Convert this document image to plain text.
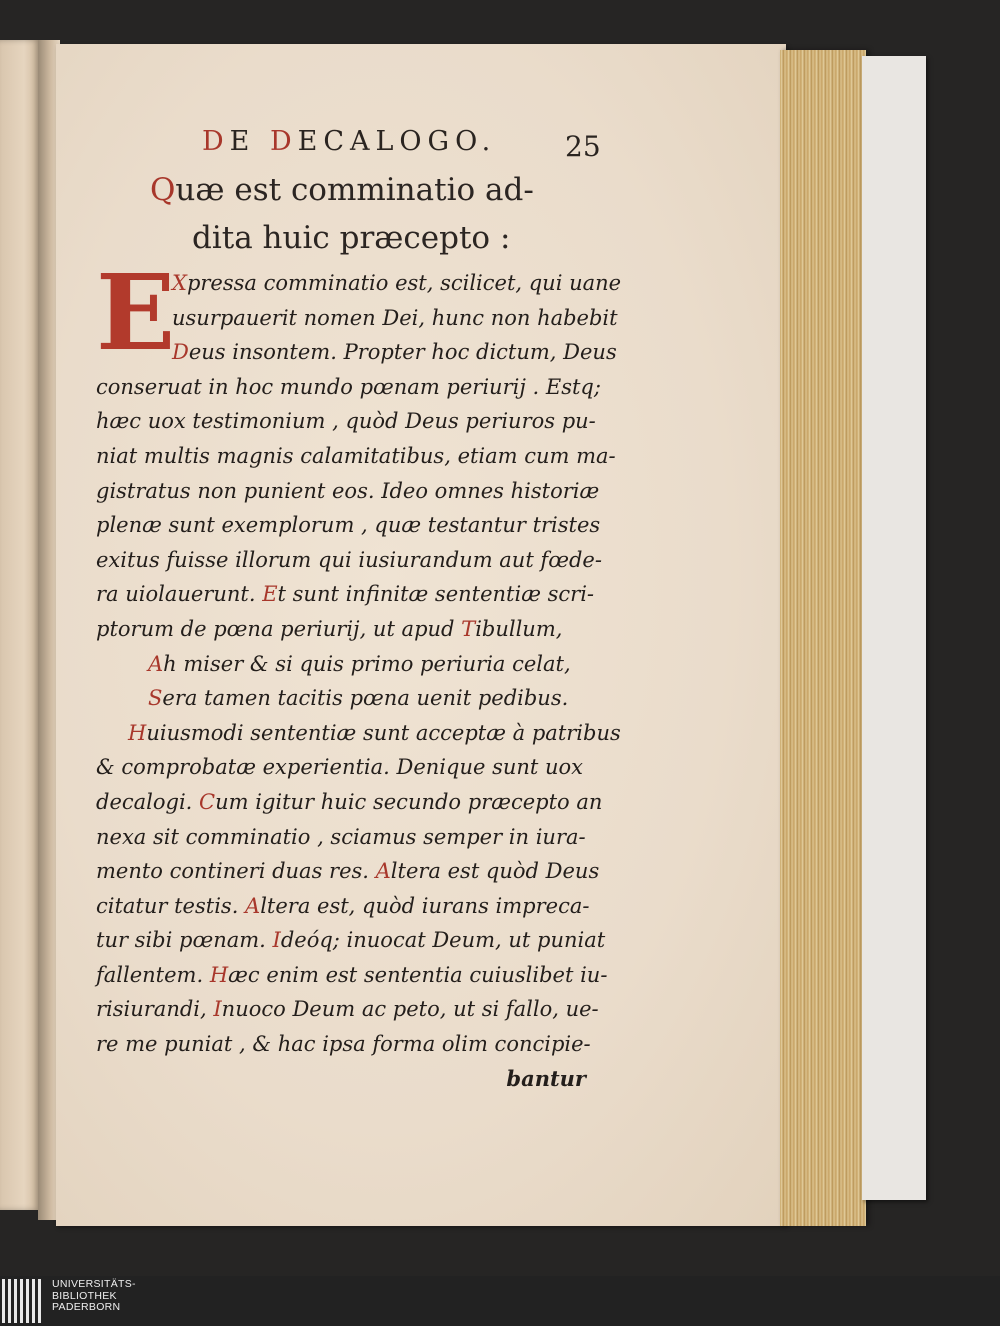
DE DECALOGO.	25
Quæ est comminatio ad‑
dita huic præcepto :
E
Xpressa comminatio est, scilicet, qui uane
usurpauerit nomen Dei, hunc non habebit
Deus insontem. Propter hoc dictum, Deus
conseruat in hoc mundo pœnam periurij . Estq;
hæc uox testimonium , quòd Deus periuros pu-
niat multis magnis calamitatibus, etiam cum ma-
gistratus non punient eos. Ideo omnes historiæ
plenæ sunt exemplorum , quæ testantur tristes
exitus fuisse illorum qui iusiurandum aut fœde-
ra uiolauerunt. Et sunt infinitæ sententiæ scri-
ptorum de pœna periurij, ut apud Tibullum,
Ah miser & si quis primo periuria celat,
Sera tamen tacitis pœna uenit pedibus.
Huiusmodi sententiæ sunt acceptæ à patribus
& comprobatæ experientia. Denique sunt uox
decalogi. Cum igitur huic secundo præcepto an
nexa sit comminatio , sciamus semper in iura-
mento contineri duas res. Altera est quòd Deus
citatur testis. Altera est, quòd iurans impreca-
tur sibi pœnam. Ideóq; inuocat Deum, ut puniat
fallentem. Hæc enim est sententia cuiuslibet iu-
risiurandi, Inuoco Deum ac peto, ut si fallo, ue-
re me puniat , & hac ipsa forma olim concipie-
bantur
UNIVERSITÄTS-
BIBLIOTHEK
PADERBORN
